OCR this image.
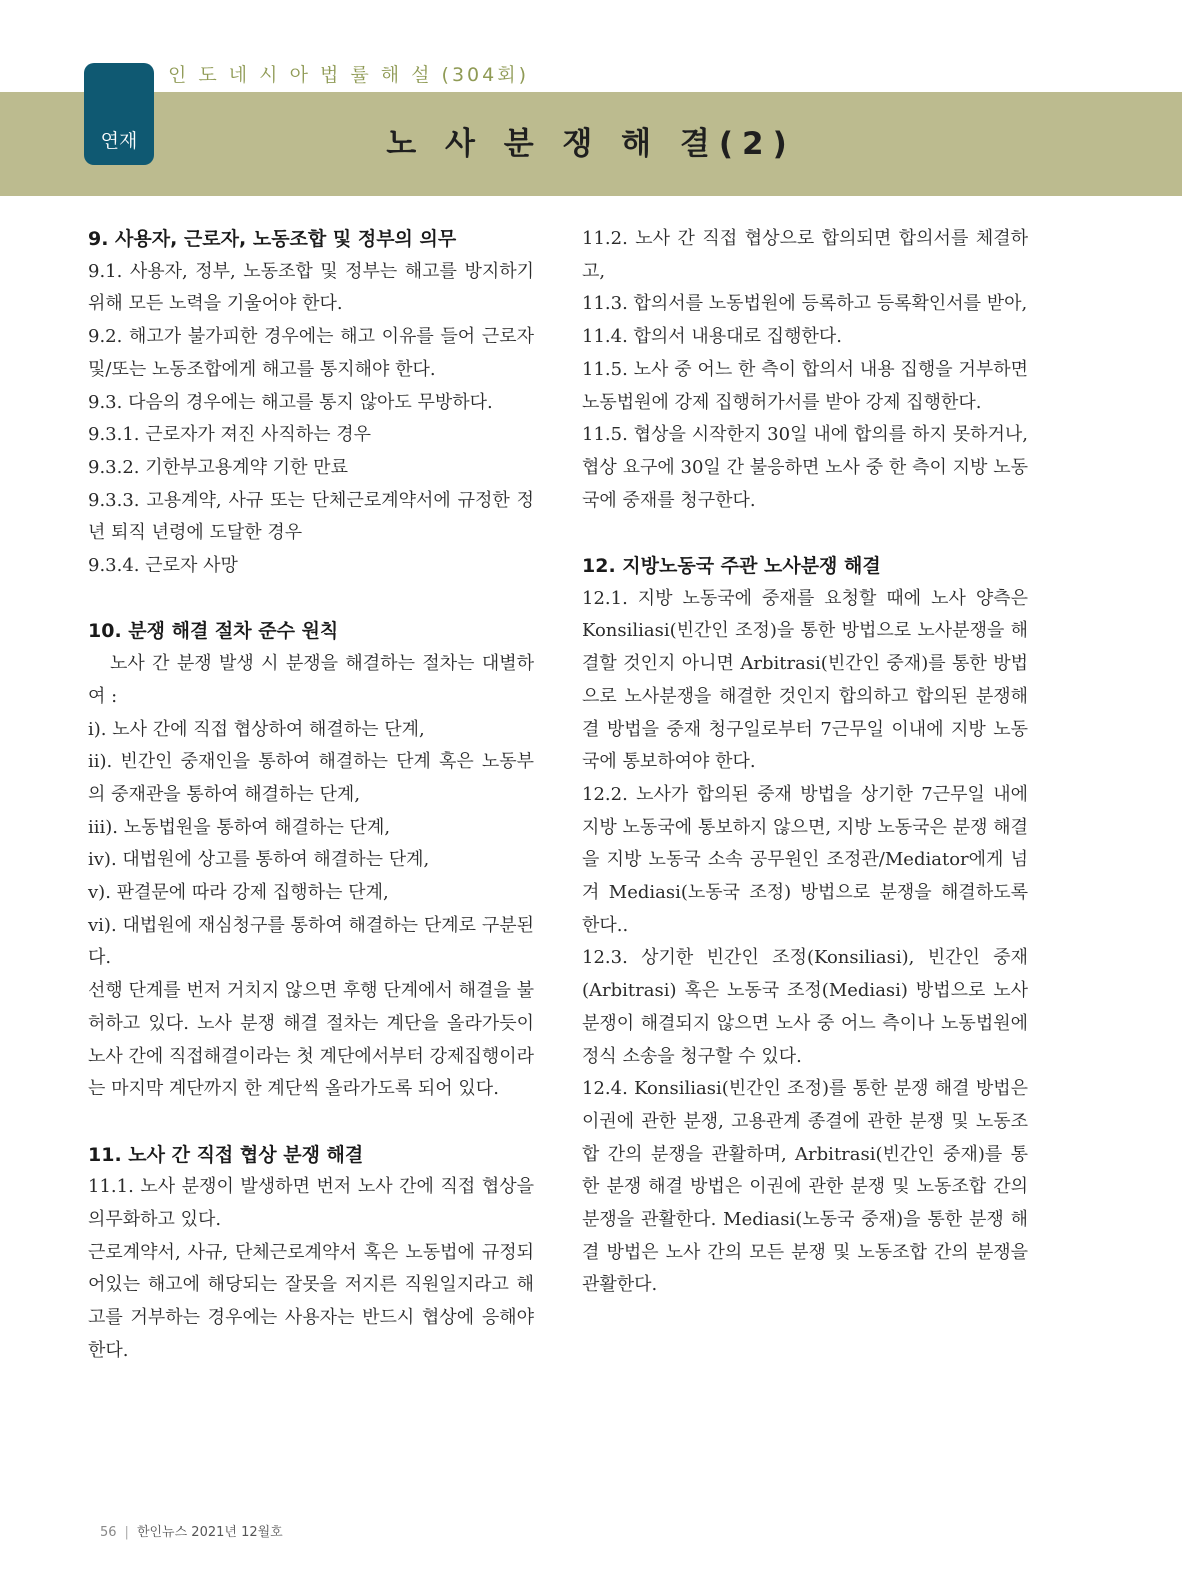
인 도 네 시 아 법 률 해 설 (304회)
연재	노 사 분 쟁 해 결(2)
9. 사용자, 근로자, 노동조합 및 정부의 의무

9.1. 사용자, 정부, 노동조합 및 정부는 해고를 방지하기 위해 모든 노력을 기울어야 한다.

9.2. 해고가 불가피한 경우에는 해고 이유를 들어 근로자 및/또는 노동조합에게 해고를 통지해야 한다.

9.3. 다음의 경우에는 해고를 통지 않아도 무방하다.

9.3.1. 근로자가 져진 사직하는 경우

9.3.2. 기한부고용계약 기한 만료

9.3.3. 고용계약, 사규 또는 단체근로계약서에 규정한 정년 퇴직 년령에 도달한 경우

9.3.4. 근로자 사망

10. 분쟁 해결 절차 준수 원칙

노사 간 분쟁 발생 시 분쟁을 해결하는 절차는 대별하여 :

i). 노사 간에 직접 협상하여 해결하는 단계,

ii). 빈간인 중재인을 통하여 해결하는 단계 혹은 노동부의 중재관을 통하여 해결하는 단계,

iii). 노동법원을 통하여 해결하는 단계,

iv). 대법원에 상고를 통하여 해결하는 단계,

v). 판결문에 따라 강제 집행하는 단계,

vi). 대법원에 재심청구를 통하여 해결하는 단계로 구분된다.

선행 단계를 번저 거치지 않으면 후행 단계에서 해결을 불허하고 있다. 노사 분쟁 해결 절차는 계단을 올라가듯이 노사 간에 직접해결이라는 첫 계단에서부터 강제집행이라는 마지막 계단까지 한 계단씩 올라가도록 되어 있다.

11. 노사 간 직접 협상 분쟁 해결

11.1. 노사 분쟁이 발생하면 번저 노사 간에 직접 협상을 의무화하고 있다.

근로계약서, 사규, 단체근로계약서 혹은 노동법에 규정되어있는 해고에 해당되는 잘못을 저지른 직원일지라고 해고를 거부하는 경우에는 사용자는 반드시 협상에 응해야 한다.

11.2. 노사 간 직접 협상으로 합의되면 합의서를 체결하고,

11.3. 합의서를 노동법원에 등록하고 등록확인서를 받아,

11.4. 합의서 내용대로 집행한다.

11.5. 노사 중 어느 한 측이 합의서 내용 집행을 거부하면 노동법원에 강제 집행허가서를 받아 강제 집행한다.

11.5. 협상을 시작한지 30일 내에 합의를 하지 못하거나, 협상 요구에 30일 간 불응하면 노사 중 한 측이 지방 노동국에 중재를 청구한다.

12. 지방노동국 주관 노사분쟁 해결

12.1. 지방 노동국에 중재를 요청할 때에 노사 양측은 Konsiliasi(빈간인 조정)을 통한 방법으로 노사분쟁을 해결할 것인지 아니면 Arbitrasi(빈간인 중재)를 통한 방법으로 노사분쟁을 해결한 것인지 합의하고 합의된 분쟁해결 방법을 중재 청구일로부터 7근무일 이내에 지방 노동국에 통보하여야 한다.

12.2. 노사가 합의된 중재 방법을 상기한 7근무일 내에 지방 노동국에 통보하지 않으면, 지방 노동국은 분쟁 해결을 지방 노동국 소속 공무원인 조정관/Mediator에게 넘겨 Mediasi(노동국 조정) 방법으로 분쟁을 해결하도록 한다..

12.3. 상기한 빈간인 조정(Konsiliasi), 빈간인 중재(Arbitrasi) 혹은 노동국 조정(Mediasi) 방법으로 노사분쟁이 해결되지 않으면 노사 중 어느 측이나 노동법원에 정식 소송을 청구할 수 있다.

12.4. Konsiliasi(빈간인 조정)를 통한 분쟁 해결 방법은 이권에 관한 분쟁, 고용관계 종결에 관한 분쟁 및 노동조합 간의 분쟁을 관활하며, Arbitrasi(빈간인 중재)를 통한 분쟁 해결 방법은 이권에 관한 분쟁 및 노동조합 간의 분쟁을 관활한다. Mediasi(노동국 중재)을 통한 분쟁 해결 방법은 노사 간의 모든 분쟁 및 노동조합 간의 분쟁을 관활한다.

56 | 한인뉴스 2021년 12월호
